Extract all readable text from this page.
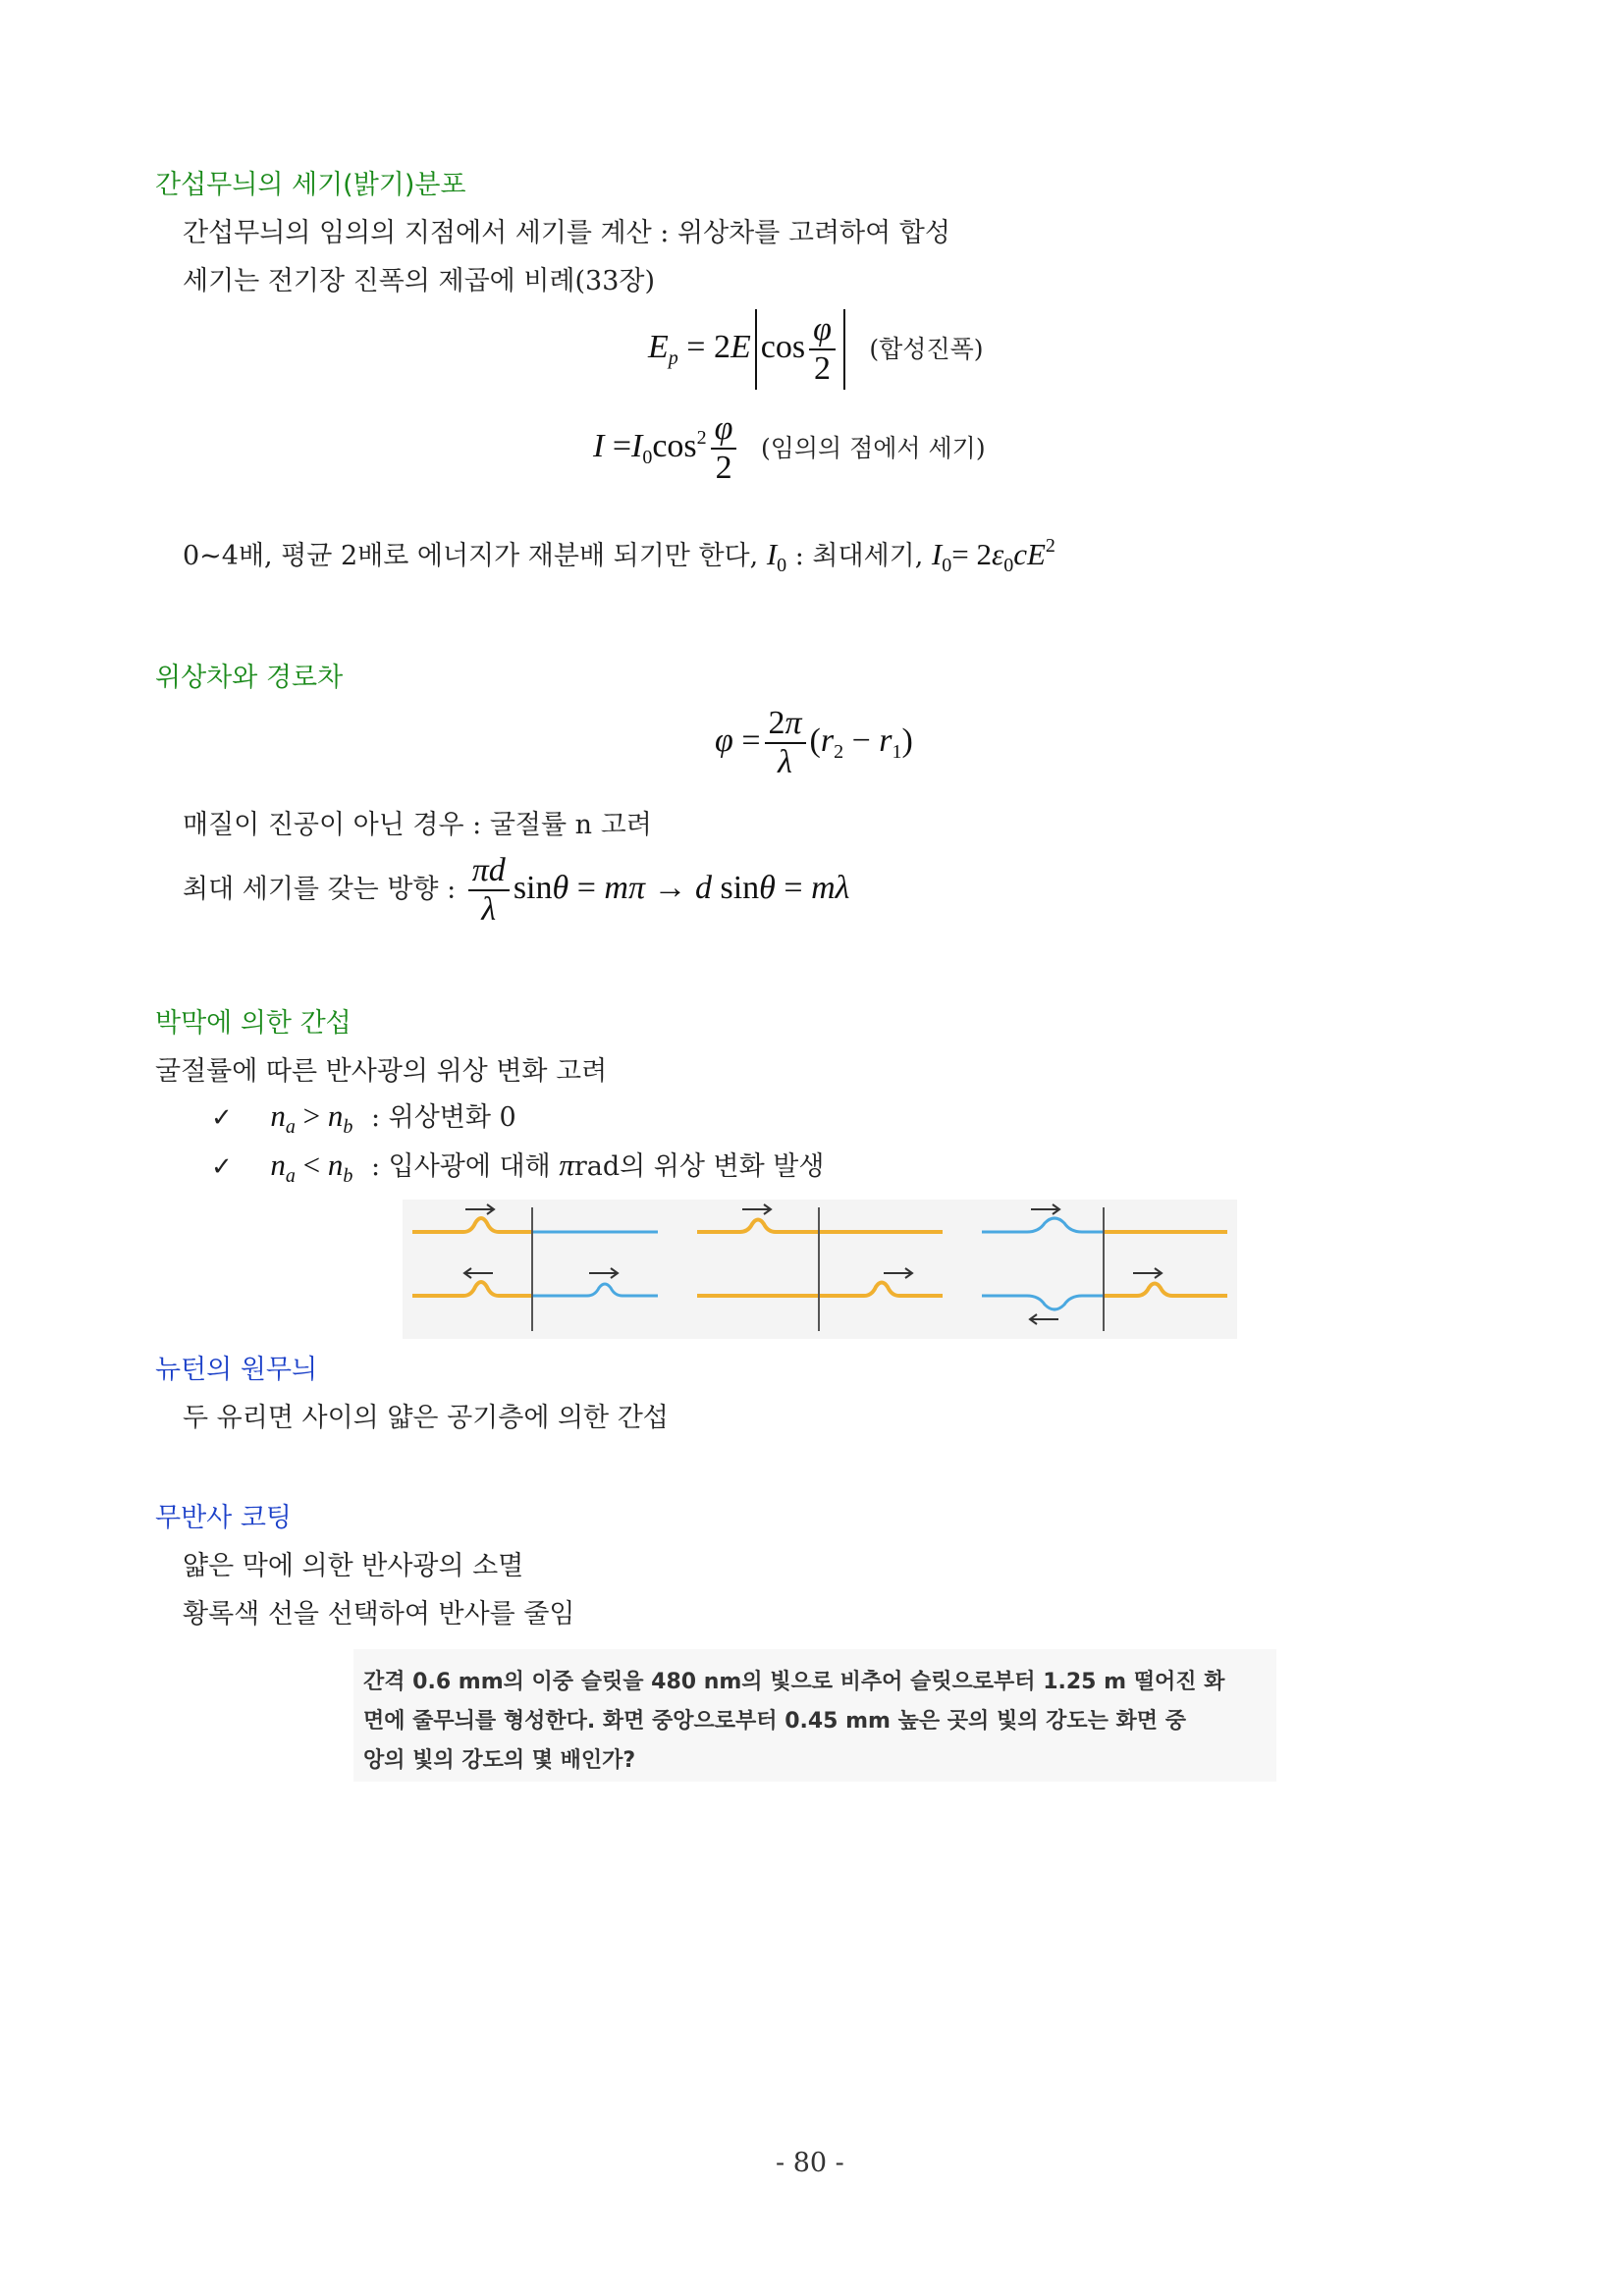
간섭무늬의 세기(밝기)분포
간섭무늬의 임의의 지점에서 세기를 계산 : 위상차를 고려하여 합성
세기는 전기장 진폭의 제곱에 비례(33장)
$E_p = 2E$ $\cos \frac{\varphi}{2}$ (합성진폭)
$I =I_0\cos^2 \frac{\varphi}{2}$ (임의의 점에서 세기)
0~4배, 평균 2배로 에너지가 재분배 되기만 한다, $I_0$ : 최대세기, $I_0= 2\varepsilon_0cE^2$
위상차와 경로차
$\varphi = \frac{2\pi}{\lambda} (r_2 - r_1)$
매질이 진공이 아닌 경우 : 굴절률 n 고려
최대 세기를 갖는 방향 : $\frac{\pi d}{\lambda}$ sinθ = mπ → d sinθ = mλ
박막에 의한 간섭
굴절률에 따른 반사광의 위상 변화 고려
✓ $n_a > n_b$ : 위상변화 0
✓ $n_a < n_b$ : 입사광에 대해 πrad의 위상 변화 발생
뉴턴의 원무늬
두 유리면 사이의 얇은 공기층에 의한 간섭
무반사 코팅
얇은 막에 의한 반사광의 소멸
황록색 선을 선택하여 반사를 줄임
간격 0.6 mm의 이중 슬릿을 480 nm의 빛으로 비추어 슬릿으로부터 1.25 m 떨어진 화
면에 줄무늬를 형성한다. 화면 중앙으로부터 0.45 mm 높은 곳의 빛의 강도는 화면 중
앙의 빛의 강도의 몇 배인가?
- 80 -
